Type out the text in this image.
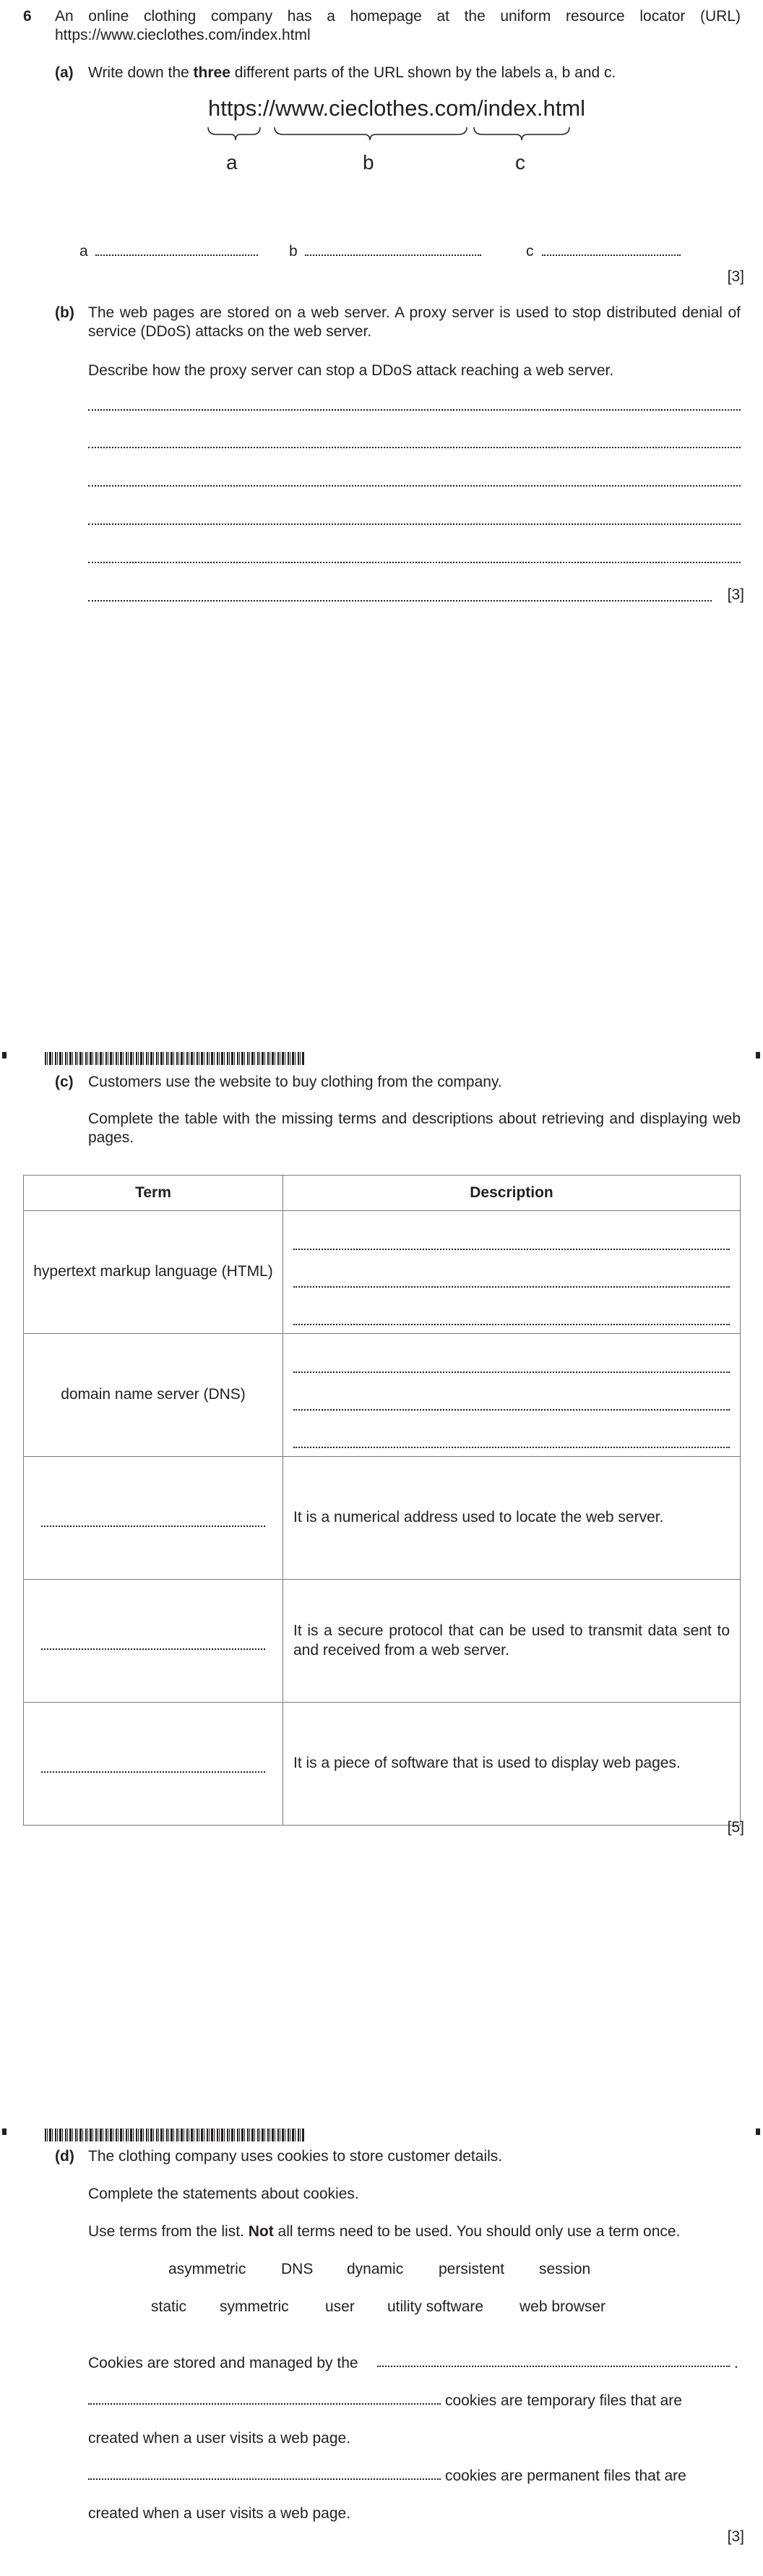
6 An online clothing company has a homepage at the uniform resource locator (URL) https://www.cieclothes.com/index.html
(a) Write down the three different parts of the URL shown by the labels a, b and c.
https://www.cieclothes.com/index.html
a	b	c
a	b	c
[3]
(b) The web pages are stored on a web server. A proxy server is used to stop distributed denial of service (DDoS) attacks on the web server.
Describe how the proxy server can stop a DDoS attack reaching a web server.
[3]
(c) Customers use the website to buy clothing from the company.
Complete the table with the missing terms and descriptions about retrieving and displaying web pages.
Term	Description
hypertext markup language (HTML)	

domain name server (DNS)	

	It is a numerical address used to locate the web server.

	It is a secure protocol that can be used to transmit data sent to and received from a web server.

	It is a piece of software that is used to display web pages.
[5]
(d) The clothing company uses cookies to store customer details.
Complete the statements about cookies.
Use terms from the list. Not all terms need to be used. You should only use a term once.
asymmetric DNS dynamic persistent session
static symmetric user utility software web browser
Cookies are stored and managed by the	.
cookies are temporary files that are
created when a user visits a web page.
cookies are permanent files that are
created when a user visits a web page.
[3]
